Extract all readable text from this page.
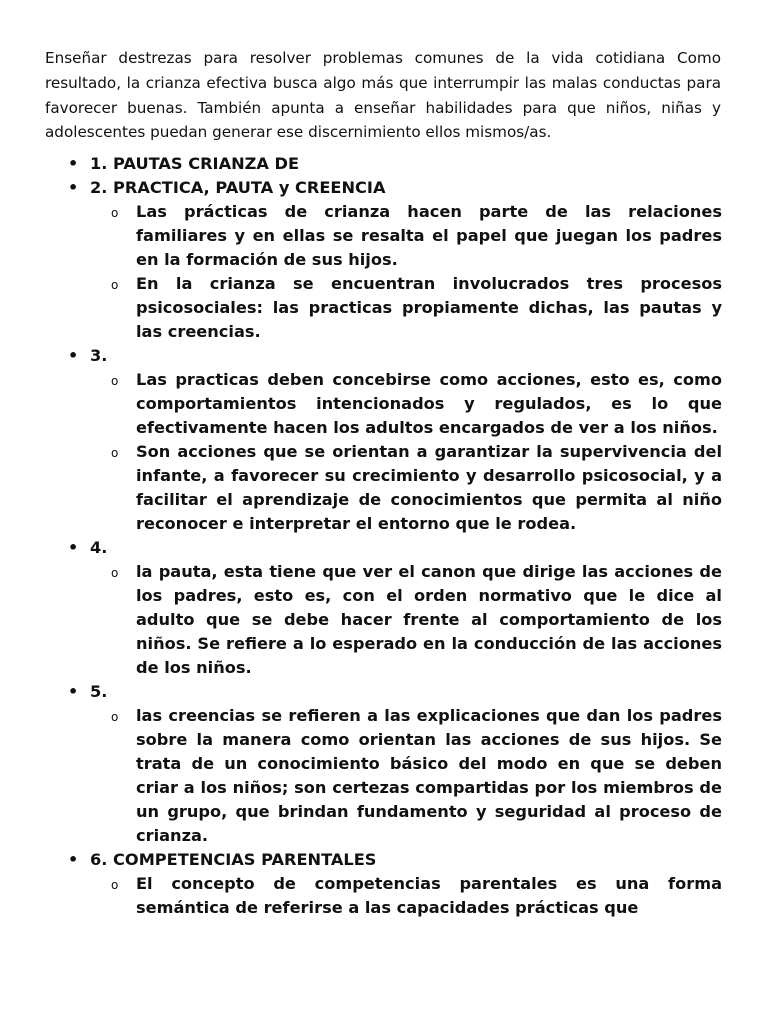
Enseñar destrezas para resolver problemas comunes de la vida cotidiana Como resultado, la crianza efectiva busca algo más que interrumpir las malas conductas para favorecer buenas. También apunta a enseñar habilidades para que niños, niñas y adolescentes puedan generar ese discernimiento ellos mismos/as.

• 1. PAUTAS CRIANZA DE
• 2. PRACTICA, PAUTA y CREENCIA
o Las prácticas de crianza hacen parte de las relaciones familiares y en ellas se resalta el papel que juegan los padres en la formación de sus hijos.
o En la crianza se encuentran involucrados tres procesos psicosociales: las practicas propiamente dichas, las pautas y las creencias.
• 3.
o Las practicas deben concebirse como acciones, esto es, como comportamientos intencionados y regulados, es lo que efectivamente hacen los adultos encargados de ver a los niños.
o Son acciones que se orientan a garantizar la supervivencia del infante, a favorecer su crecimiento y desarrollo psicosocial, y a facilitar el aprendizaje de conocimientos que permita al niño reconocer e interpretar el entorno que le rodea.
• 4.
o la pauta, esta tiene que ver el canon que dirige las acciones de los padres, esto es, con el orden normativo que le dice al adulto que se debe hacer frente al comportamiento de los niños. Se refiere a lo esperado en la conducción de las acciones de los niños.
• 5.
o las creencias se refieren a las explicaciones que dan los padres sobre la manera como orientan las acciones de sus hijos. Se trata de un conocimiento básico del modo en que se deben criar a los niños; son certezas compartidas por los miembros de un grupo, que brindan fundamento y seguridad al proceso de crianza.
• 6. COMPETENCIAS PARENTALES
o El concepto de competencias parentales es una forma semántica de referirse a las capacidades prácticas que
